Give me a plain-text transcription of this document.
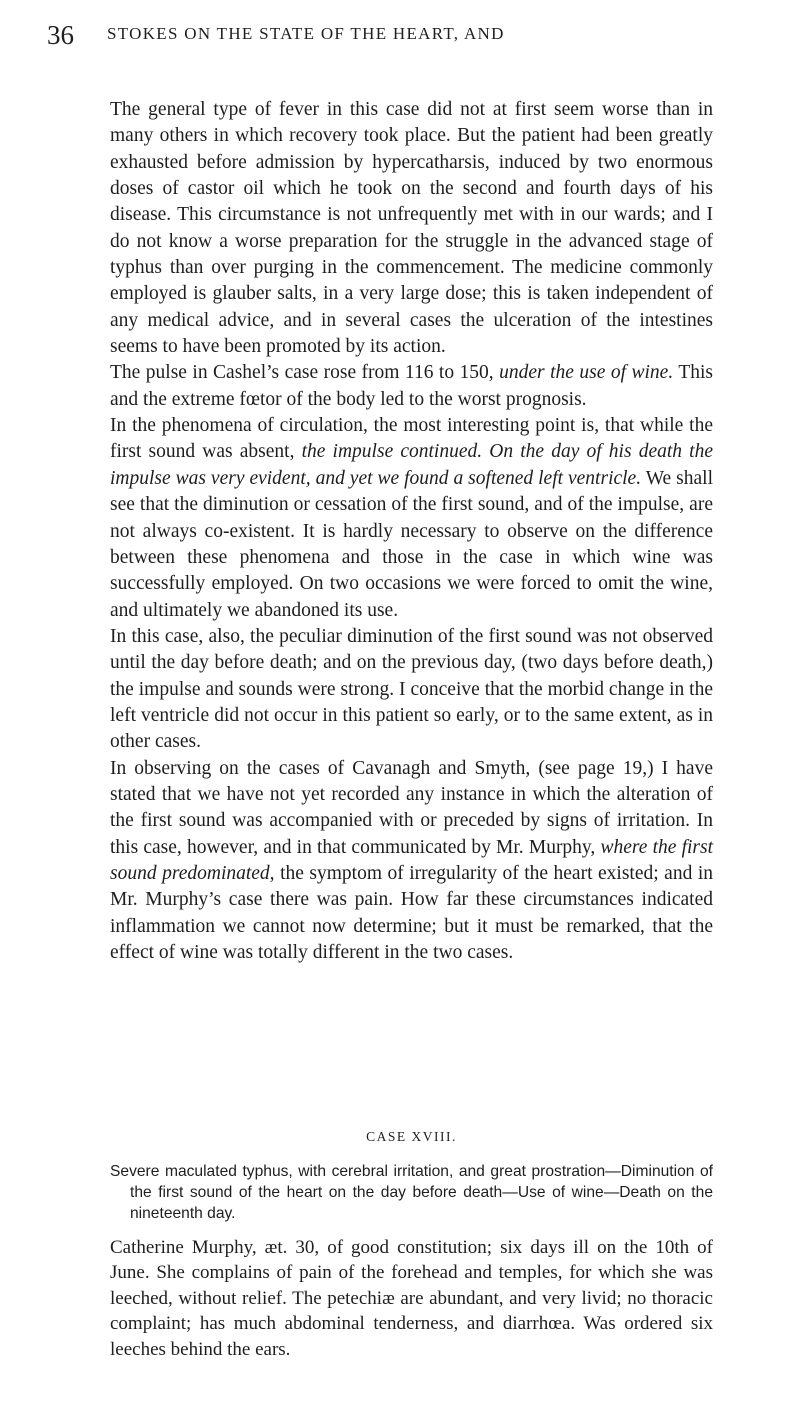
36 STOKES ON THE STATE OF THE HEART, AND

The general type of fever in this case did not at first seem worse than in many others in which recovery took place. But the patient had been greatly exhausted before admission by hypercatharsis, induced by two enormous doses of castor oil which he took on the second and fourth days of his disease. This circumstance is not unfrequently met with in our wards; and I do not know a worse preparation for the struggle in the advanced stage of typhus than over purging in the commencement. The medicine commonly employed is glauber salts, in a very large dose; this is taken independent of any medical advice, and in several cases the ulceration of the intestines seems to have been promoted by its action.

The pulse in Cashel’s case rose from 116 to 150, under the use of wine. This and the extreme fœtor of the body led to the worst prognosis.

In the phenomena of circulation, the most interesting point is, that while the first sound was absent, the impulse continued. On the day of his death the impulse was very evident, and yet we found a softened left ventricle. We shall see that the diminution or cessation of the first sound, and of the impulse, are not always co-existent. It is hardly necessary to observe on the difference between these phenomena and those in the case in which wine was successfully employed. On two occasions we were forced to omit the wine, and ultimately we abandoned its use.

In this case, also, the peculiar diminution of the first sound was not observed until the day before death; and on the previous day, (two days before death,) the impulse and sounds were strong. I conceive that the morbid change in the left ventricle did not occur in this patient so early, or to the same extent, as in other cases.

In observing on the cases of Cavanagh and Smyth, (see page 19,) I have stated that we have not yet recorded any instance in which the alteration of the first sound was accompanied with or preceded by signs of irritation. In this case, however, and in that communicated by Mr. Murphy, where the first sound predominated, the symptom of irregularity of the heart existed; and in Mr. Murphy’s case there was pain. How far these circumstances indicated inflammation we cannot now determine; but it must be remarked, that the effect of wine was totally different in the two cases.

CASE XVIII.

Severe maculated typhus, with cerebral irritation, and great prostration—Diminution of the first sound of the heart on the day before death—Use of wine—Death on the nineteenth day.

Catherine Murphy, æt. 30, of good constitution; six days ill on the 10th of June. She complains of pain of the forehead and temples, for which she was leeched, without relief. The petechiæ are abundant, and very livid; no thoracic complaint; has much abdominal tenderness, and diarrhœa. Was ordered six leeches behind the ears.
